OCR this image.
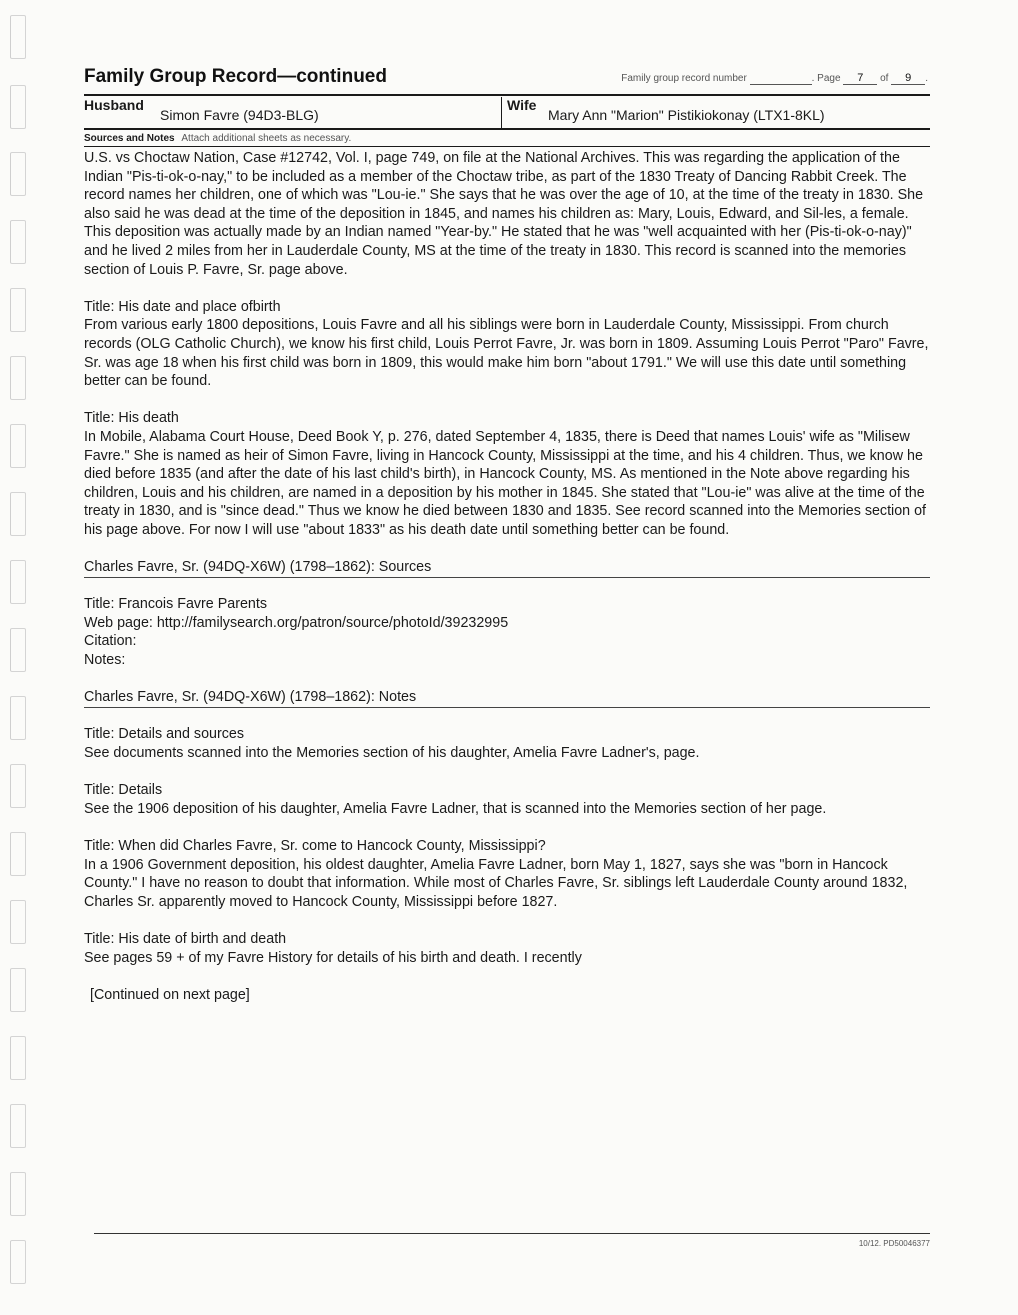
Family Group Record—continued	Family group record number	. Page 7 of 9 .
Husband
Simon Favre (94D3-BLG)
Wife
Mary Ann "Marion" Pistikiokonay (LTX1-8KL)
Sources and Notes Attach additional sheets as necessary.

U.S. vs Choctaw Nation, Case #12742, Vol. I, page 749, on file at the National Archives. This was regarding the application of the Indian "Pis-ti-ok-o-nay," to be included as a member of the Choctaw tribe, as part of the 1830 Treaty of Dancing Rabbit Creek. The record names her children, one of which was "Lou-ie." She says that he was over the age of 10, at the time of the treaty in 1830. She also said he was dead at the time of the deposition in 1845, and names his children as: Mary, Louis, Edward, and Sil-les, a female. This deposition was actually made by an Indian named "Year-by." He stated that he was "well acquainted with her (Pis-ti-ok-o-nay)" and he lived 2 miles from her in Lauderdale County, MS at the time of the treaty in 1830. This record is scanned into the memories section of Louis P. Favre, Sr. page above.

Title: His date and place ofbirth
From various early 1800 depositions, Louis Favre and all his siblings were born in Lauderdale County, Mississippi. From church records (OLG Catholic Church), we know his first child, Louis Perrot Favre, Jr. was born in 1809. Assuming Louis Perrot "Paro" Favre, Sr. was age 18 when his first child was born in 1809, this would make him born "about 1791." We will use this date until something better can be found.

Title: His death
In Mobile, Alabama Court House, Deed Book Y, p. 276, dated September 4, 1835, there is Deed that names Louis' wife as "Milisew Favre." She is named as heir of Simon Favre, living in Hancock County, Mississippi at the time, and his 4 children. Thus, we know he died before 1835 (and after the date of his last child's birth), in Hancock County, MS. As mentioned in the Note above regarding his children, Louis and his children, are named in a deposition by his mother in 1845. She stated that "Lou-ie" was alive at the time of the treaty in 1830, and is "since dead." Thus we know he died between 1830 and 1835. See record scanned into the Memories section of his page above. For now I will use "about 1833" as his death date until something better can be found.

Charles Favre, Sr. (94DQ-X6W) (1798–1862): Sources

Title: Francois Favre Parents
Web page: http://familysearch.org/patron/source/photoId/39232995
Citation:
Notes:

Charles Favre, Sr. (94DQ-X6W) (1798–1862): Notes

Title: Details and sources
See documents scanned into the Memories section of his daughter, Amelia Favre Ladner's, page.

Title: Details
See the 1906 deposition of his daughter, Amelia Favre Ladner, that is scanned into the Memories section of her page.

Title: When did Charles Favre, Sr. come to Hancock County, Mississippi?
In a 1906 Government deposition, his oldest daughter, Amelia Favre Ladner, born May 1, 1827, says she was "born in Hancock County." I have no reason to doubt that information. While most of Charles Favre, Sr. siblings left Lauderdale County around 1832, Charles Sr. apparently moved to Hancock County, Mississippi before 1827.

Title: His date of birth and death
See pages 59 + of my Favre History for details of his birth and death. I recently

[Continued on next page]
10/12. PD50046377
